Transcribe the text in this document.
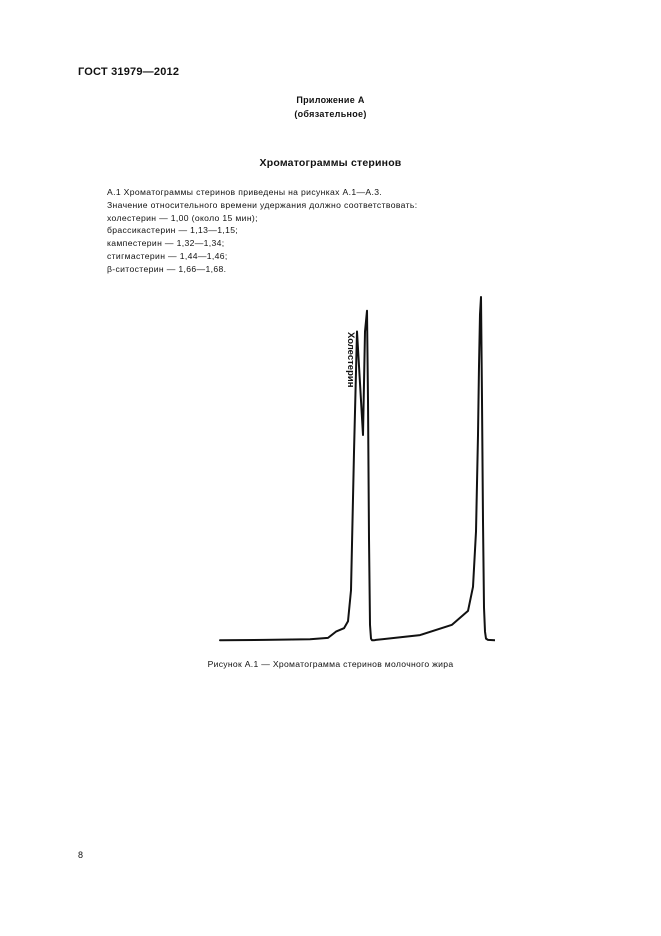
ГОСТ 31979—2012
Приложение А
(обязательное)
Хроматограммы стеринов
А.1 Хроматограммы стеринов приведены на рисунках А.1—А.3.
Значение относительного времени удержания должно соответствовать:
холестерин — 1,00 (около 15 мин);
брассикастерин — 1,13—1,15;
кампестерин — 1,32—1,34;
стигмастерин — 1,44—1,46;
β-ситостерин — 1,66—1,68.
Холестерин
Рисунок А.1 — Хроматограмма стеринов молочного жира
8
